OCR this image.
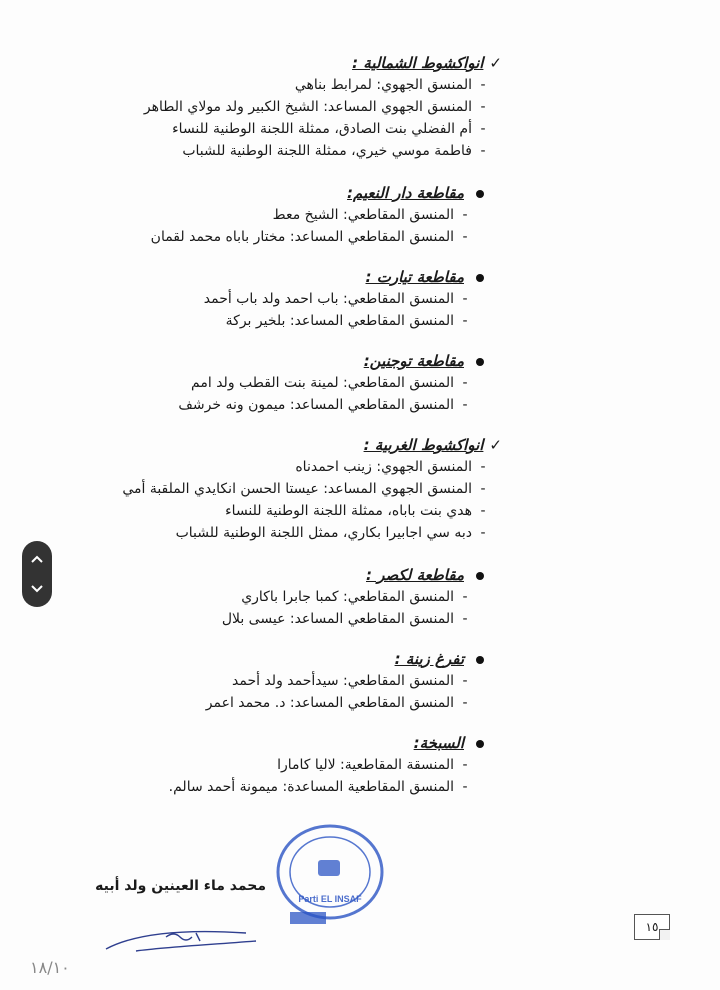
✓انواكشوط الشمالية :
-المنسق الجهوي: لمرابط بناهي
-المنسق الجهوي المساعد: الشيخ الكبير ولد مولاي الطاهر
-أم الفضلي بنت الصادق، ممثلة اللجنة الوطنية للنساء
-فاطمة موسي خيري، ممثلة اللجنة الوطنية للشباب
مقاطعة دار النعيم:
-المنسق المقاطعي: الشيخ معط
-المنسق المقاطعي المساعد: مختار باباه محمد لقمان
مقاطعة تيارت :
-المنسق المقاطعي: باب احمد ولد باب أحمد
-المنسق المقاطعي المساعد: بلخير بركة
مقاطعة توجنين:
-المنسق المقاطعي: لمينة بنت القطب ولد امم
-المنسق المقاطعي المساعد: ميمون ونه خرشف
✓انواكشوط الغربية :
-المنسق الجهوي: زينب احمدناه
-المنسق الجهوي المساعد: عيستا الحسن انكايدي الملقبة أمي
-هدي بنت باباه، ممثلة اللجنة الوطنية للنساء
-دبه سي اجابيرا بكاري، ممثل اللجنة الوطنية للشباب
مقاطعة لكصر :
-المنسق المقاطعي: كمبا جابرا باكاري
-المنسق المقاطعي المساعد: عيسى بلال
تفرغ زينة :
-المنسق المقاطعي: سيدأحمد ولد أحمد
-المنسق المقاطعي المساعد: د. محمد اعمر
السبخة:
-المنسقة المقاطعية: لاليا كامارا
-المنسق المقاطعية المساعدة: ميمونة أحمد سالم.
Parti EL INSAF
محمد ماء العينين ولد أبيه
١٥
١٨/١٠
